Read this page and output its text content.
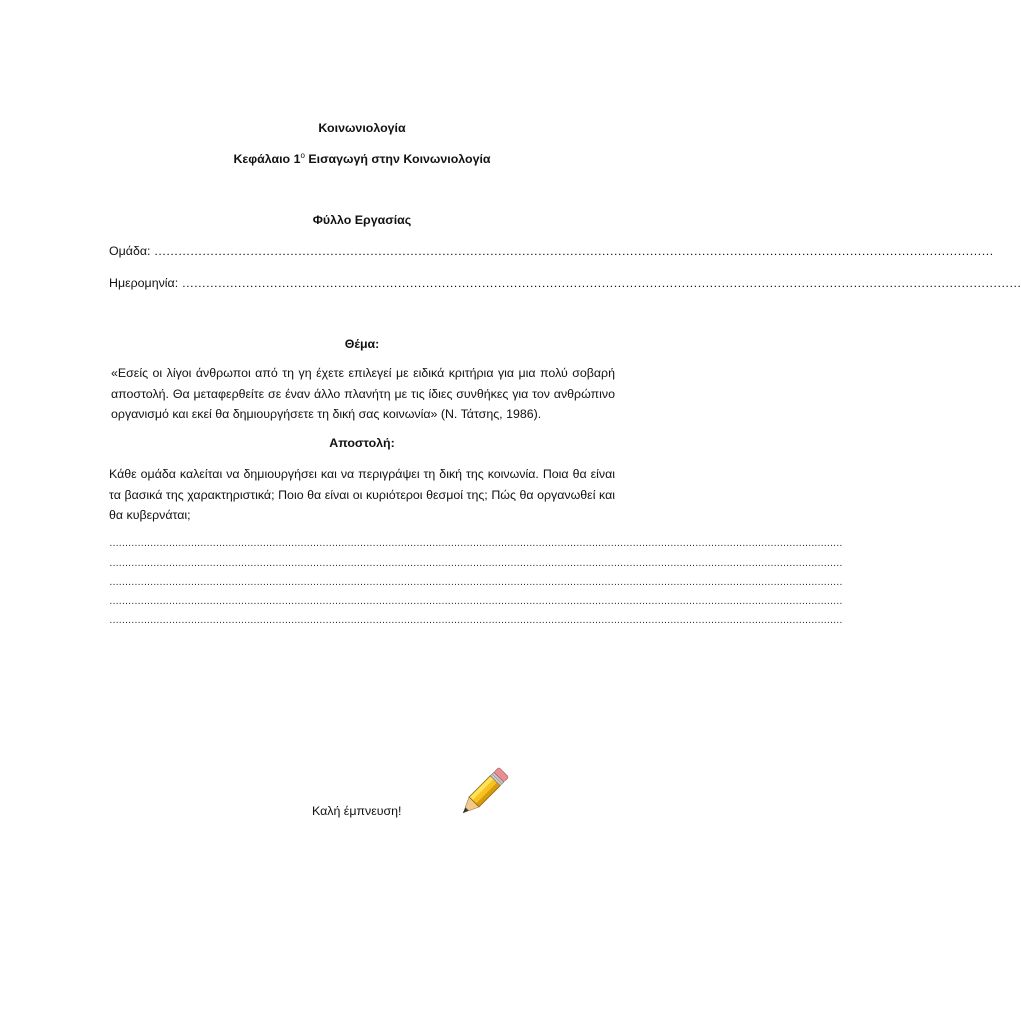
Κοινωνιολογία
Κεφάλαιο $1^o$ Εισαγωγή στην Κοινωνιολογία
Φύλλο Εργασίας
Ομάδα: …………………………………………………………………………………………………………………………………………………………………………………………
Ημερομηνία: …………………………………………………………………………………………………………………………………………………………………………………………
Θέμα:
«Εσείς οι λίγοι άνθρωποι από τη γη έχετε επιλεγεί με ειδικά κριτήρια για μια πολύ σοβαρή αποστολή. Θα μεταφερθείτε σε έναν άλλο πλανήτη με τις ίδιες συνθήκες για τον ανθρώπινο οργανισμό και εκεί θα δημιουργήσετε τη δική σας κοινωνία» (Ν. Τάτσης, 1986).
Αποστολή:
Κάθε ομάδα καλείται να δημιουργήσει και να περιγράψει τη δική της κοινωνία. Ποια θα είναι τα βασικά της χαρακτηριστικά; Ποιο θα είναι οι κυριότεροι θεσμοί της; Πώς θα οργανωθεί και θα κυβερνάται;
………………………………………………………………………………………………………………………………………………………………………………………………………………
………………………………………………………………………………………………………………………………………………………………………………………………………………
………………………………………………………………………………………………………………………………………………………………………………………………………………
………………………………………………………………………………………………………………………………………………………………………………………………………………
………………………………………………………………………………………………………………………………………………………………………………………………………………
Καλή έμπνευση!
